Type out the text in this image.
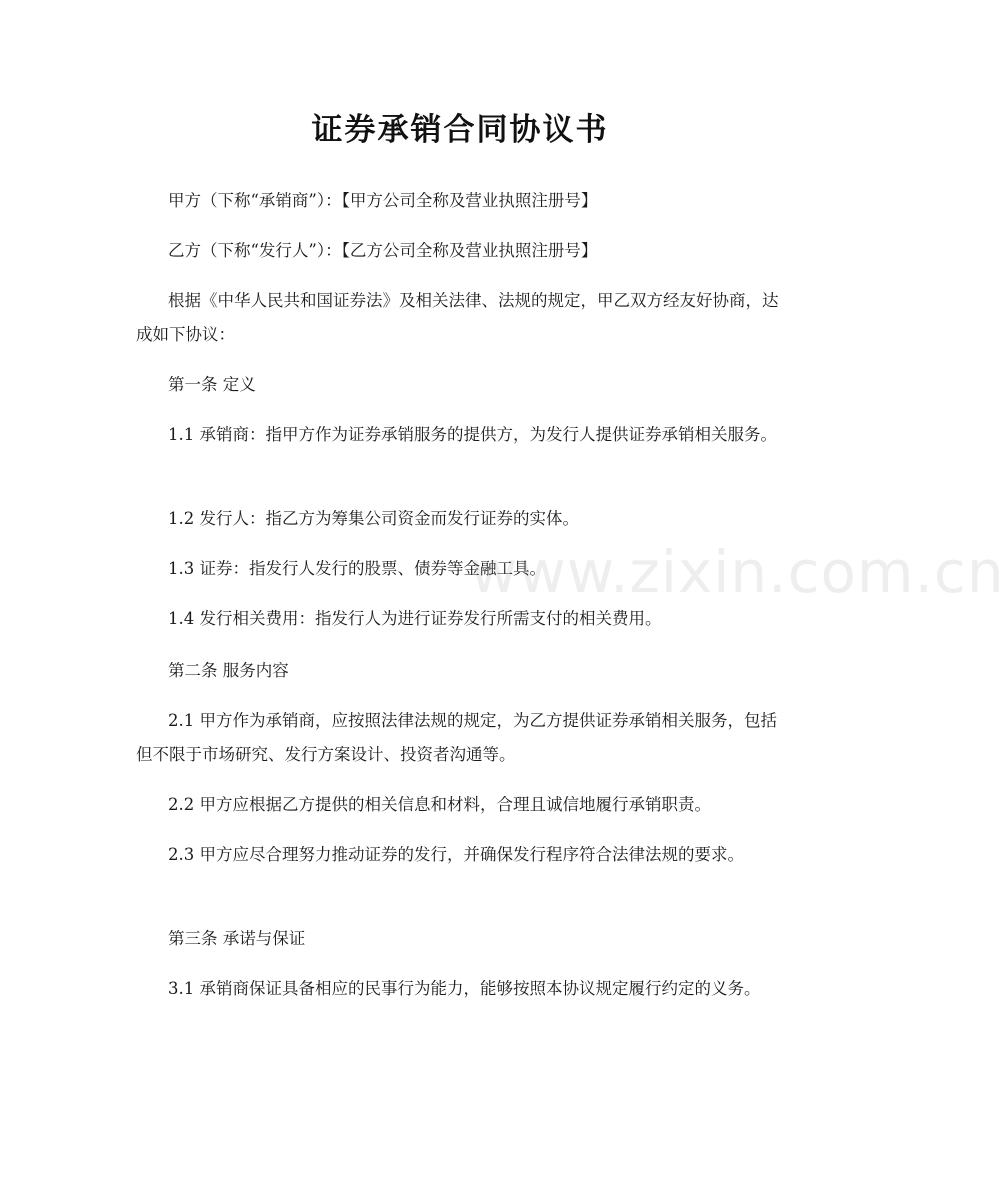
证券承销合同协议书

甲方（下称“承销商”）：【甲方公司全称及营业执照注册号】

乙方（下称“发行人”）：【乙方公司全称及营业执照注册号】

根据《中华人民共和国证券法》及相关法律、法规的规定，甲乙双方经友好协商，达成如下协议：

第一条 定义

1.1 承销商：指甲方作为证券承销服务的提供方，为发行人提供证券承销相关服务。

1.2 发行人：指乙方为筹集公司资金而发行证券的实体。

1.3 证券：指发行人发行的股票、债券等金融工具。

1.4 发行相关费用：指发行人为进行证券发行所需支付的相关费用。

第二条 服务内容

2.1 甲方作为承销商，应按照法律法规的规定，为乙方提供证券承销相关服务，包括但不限于市场研究、发行方案设计、投资者沟通等。

2.2 甲方应根据乙方提供的相关信息和材料，合理且诚信地履行承销职责。

2.3 甲方应尽合理努力推动证券的发行，并确保发行程序符合法律法规的要求。

第三条 承诺与保证

3.1 承销商保证具备相应的民事行为能力，能够按照本协议规定履行约定的义务。

www.zixin.com.cn
